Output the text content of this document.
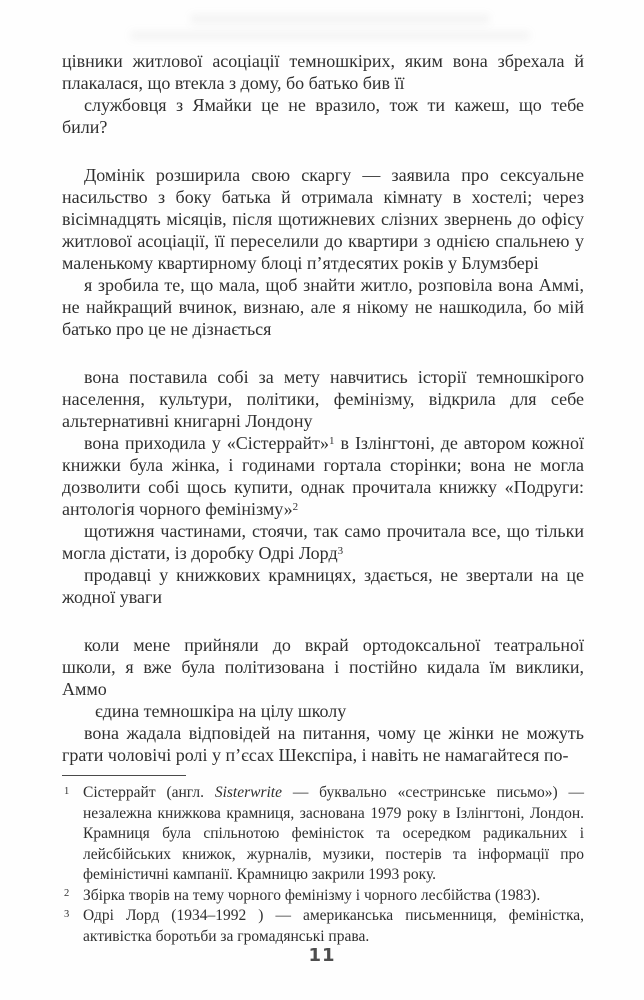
цівники житлової асоціації темношкірих, яким вона збрехала й плакалася, що втекла з дому, бо батько бив її

службовця з Ямайки це не вразило, тож ти кажеш, що тебе били?

Домінік розширила свою скаргу — заявила про сексуальне насильство з боку батька й отримала кімнату в хостелі; через вісімнадцять місяців, після щотижневих слізних звернень до офісу житлової асоціації, її переселили до квартири з однією спальнею у маленькому квартирному блоці п’ятдесятих років у Блумзбері

я зробила те, що мала, щоб знайти житло, розповіла вона Аммі, не найкращий вчинок, визнаю, але я нікому не нашкодила, бо мій батько про це не дізнається

вона поставила собі за мету навчитись історії темношкірого населення, культури, політики, фемінізму, відкрила для себе альтернативні книгарні Лондону

вона приходила у «Сістеррайт»$^1$ в Ізлінгтоні, де автором кожної книжки була жінка, і годинами гортала сторінки; вона не могла дозволити собі щось купити, однак прочитала книжку «Подруги: антологія чорного фемінізму»$^2$

щотижня частинами, стоячи, так само прочитала все, що тільки могла дістати, із доробку Одрі Лорд$^3$

продавці у книжкових крамницях, здається, не звертали на це жодної уваги

коли мене прийняли до вкрай ортодоксальної театральної школи, я вже була політизована і постійно кидала їм виклики, Аммо

єдина темношкіра на цілу школу

вона жадала відповідей на питання, чому це жінки не можуть грати чоловічі ролі у п’єсах Шекспіра, і навіть не намагайтеся по-

1 Сістеррайт (англ. Sisterwrite — буквально «сестринське письмо») — незалежна книжкова крамниця, заснована 1979 року в Ізлінгтоні, Лондон. Крамниця була спільнотою феміністок та осередком радикальних і лейсбійських книжок, журналів, музики, постерів та інформації про феміністичні кампанії. Крамницю закрили 1993 року.
2 Збірка творів на тему чорного фемінізму і чорного лесбійства (1983).
3 Одрі Лорд (1934–1992 ) — американська письменниця, феміністка, активістка боротьби за громадянські права.
11
